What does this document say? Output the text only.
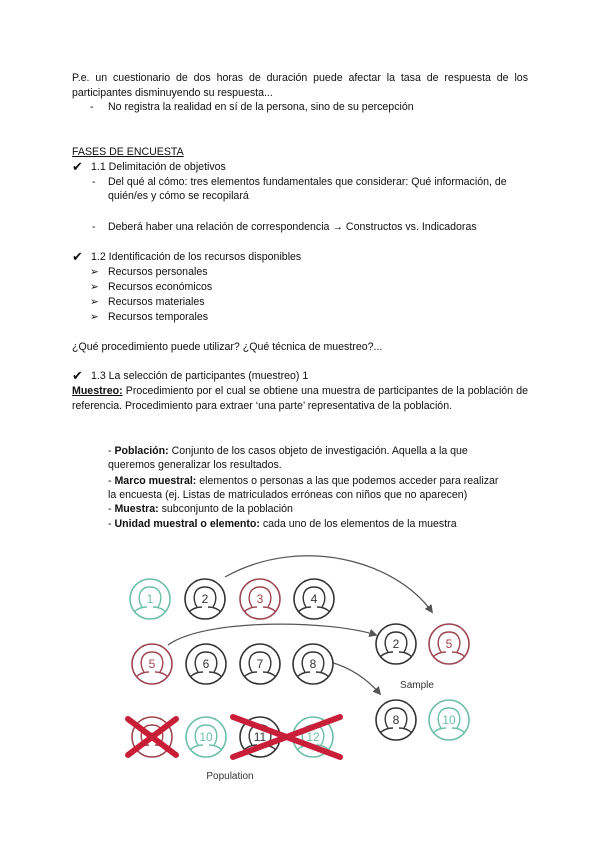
P.e. un cuestionario de dos horas de duración puede afectar la tasa de respuesta de los participantes disminuyendo su respuesta...
- No registra la realidad en sí de la persona, sino de su percepción
FASES DE ENCUESTA
✔ 1.1 Delimitación de objetivos
- Del qué al cómo: tres elementos fundamentales que considerar: Qué información, de
quién/es y cómo se recopilará
- Deberá haber una relación de correspondencia → Constructos vs. Indicadoras
✔ 1.2 Identificación de los recursos disponibles
➢ Recursos personales
➢ Recursos económicos
➢ Recursos materiales
➢ Recursos temporales
¿Qué procedimiento puede utilizar? ¿Qué técnica de muestreo?...
✔ 1.3 La selección de participantes (muestreo) 1
Muestreo: Procedimiento por el cual se obtiene una muestra de participantes de la población de referencia. Procedimiento para extraer ‘una parte’ representativa de la población.
- Población: Conjunto de los casos objeto de investigación. Aquella a la que
queremos generalizar los resultados.
- Marco muestral: elementos o personas a las que podemos acceder para realizar
la encuesta (ej. Listas de matriculados erróneas con niños que no aparecen)
- Muestra: subconjunto de la población
- Unidad muestral o elemento: cada uno de los elementos de la muestra
1	2	3	4
5	6	7	8
10	11	12
2	5
8	10
Sample
Population
